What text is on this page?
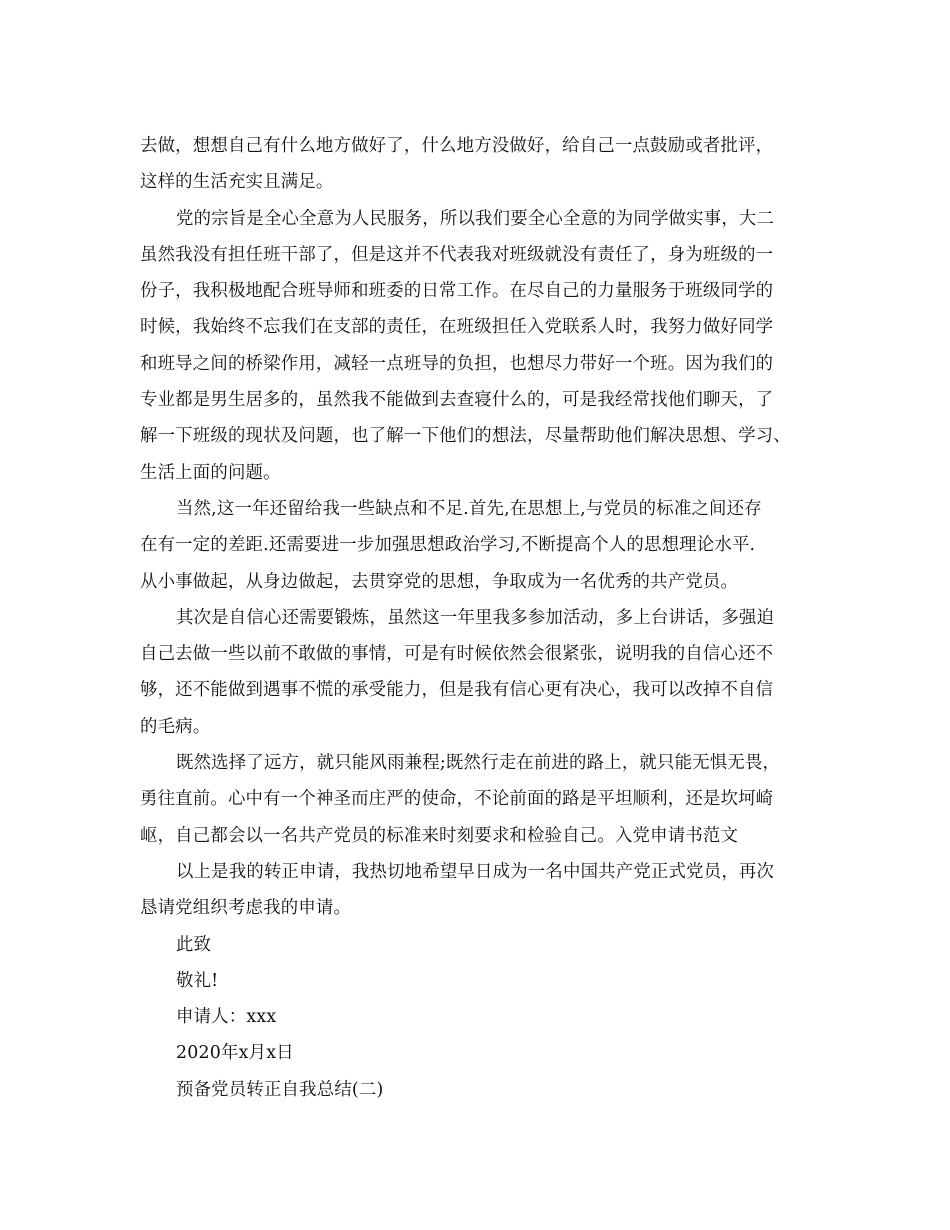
去做，想想自己有什么地方做好了，什么地方没做好，给自己一点鼓励或者批评，
这样的生活充实且满足。
党的宗旨是全心全意为人民服务，所以我们要全心全意的为同学做实事，大二
虽然我没有担任班干部了，但是这并不代表我对班级就没有责任了，身为班级的一
份子，我积极地配合班导师和班委的日常工作。在尽自己的力量服务于班级同学的
时候，我始终不忘我们在支部的责任，在班级担任入党联系人时，我努力做好同学
和班导之间的桥梁作用，减轻一点班导的负担，也想尽力带好一个班。因为我们的
专业都是男生居多的，虽然我不能做到去查寝什么的，可是我经常找他们聊天，了
解一下班级的现状及问题，也了解一下他们的想法，尽量帮助他们解决思想、学习、
生活上面的问题。
当然,这一年还留给我一些缺点和不足.首先,在思想上,与党员的标准之间还存
在有一定的差距.还需要进一步加强思想政治学习,不断提高个人的思想理论水平.
从小事做起，从身边做起，去贯穿党的思想，争取成为一名优秀的共产党员。
其次是自信心还需要锻炼，虽然这一年里我多参加活动，多上台讲话，多强迫
自己去做一些以前不敢做的事情，可是有时候依然会很紧张，说明我的自信心还不
够，还不能做到遇事不慌的承受能力，但是我有信心更有决心，我可以改掉不自信
的毛病。
既然选择了远方，就只能风雨兼程;既然行走在前进的路上，就只能无惧无畏，
勇往直前。心中有一个神圣而庄严的使命，不论前面的路是平坦顺利，还是坎坷崎
岖，自己都会以一名共产党员的标准来时刻要求和检验自己。入党申请书范文
以上是我的转正申请，我热切地希望早日成为一名中国共产党正式党员，再次
恳请党组织考虑我的申请。
此致
敬礼!
申请人：xxx
2020年x月x日
预备党员转正自我总结(二)
